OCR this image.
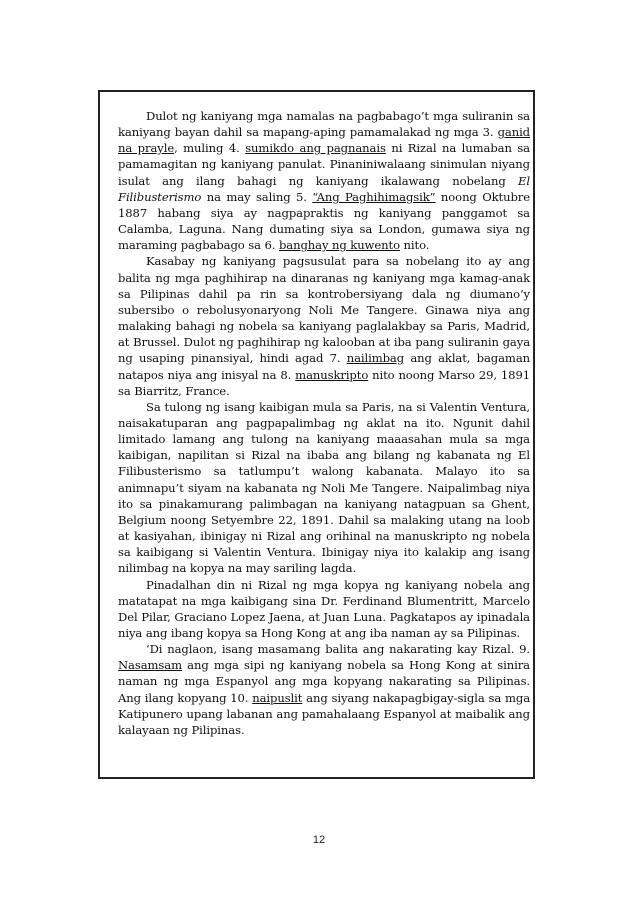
Dulot ng kaniyang mga namalas na pagbabago’t mga suliranin sa kaniyang bayan dahil sa mapang-aping pamamalakad ng mga 3. ganid na prayle, muling 4. sumikdo ang pagnanais ni Rizal na lumaban sa pamamagitan ng kaniyang panulat. Pinaniniwalaang sinimulan niyang isulat ang ilang bahagi ng kaniyang ikalawang nobelang El Filibusterismo na may saling 5. “Ang Paghihimagsik” noong Oktubre 1887 habang siya ay nagpapraktis ng kaniyang panggamot sa Calamba, Laguna. Nang dumating siya sa London, gumawa siya ng maraming pagbabago sa 6. banghay ng kuwento nito.

Kasabay ng kaniyang pagsusulat para sa nobelang ito ay ang balita ng mga paghihirap na dinaranas ng kaniyang mga kamag-anak sa Pilipinas dahil pa rin sa kontrobersiyang dala ng diumano’y subersibo o rebolusyonaryong Noli Me Tangere. Ginawa niya ang malaking bahagi ng nobela sa kaniyang paglalakbay sa Paris, Madrid, at Brussel. Dulot ng paghihirap ng kalooban at iba pang suliranin gaya ng usaping pinansiyal, hindi agad 7. nailimbag ang aklat, bagaman natapos niya ang inisyal na 8. manuskripto nito noong Marso 29, 1891 sa Biarritz, France.

Sa tulong ng isang kaibigan mula sa Paris, na si Valentin Ventura, naisakatuparan ang pagpapalimbag ng aklat na ito. Ngunit dahil limitado lamang ang tulong na kaniyang maaasahan mula sa mga kaibigan, napilitan si Rizal na ibaba ang bilang ng kabanata ng El Filibusterismo sa tatlumpu’t walong kabanata. Malayo ito sa animnapu’t siyam na kabanata ng Noli Me Tangere. Naipalimbag niya ito sa pinakamurang palimbagan na kaniyang natagpuan sa Ghent, Belgium noong Setyembre 22, 1891. Dahil sa malaking utang na loob at kasiyahan, ibinigay ni Rizal ang orihinal na manuskripto ng nobela sa kaibigang si Valentin Ventura. Ibinigay niya ito kalakip ang isang nilimbag na kopya na may sariling lagda.

Pinadalhan din ni Rizal ng mga kopya ng kaniyang nobela ang matatapat na mga kaibigang sina Dr. Ferdinand Blumentritt, Marcelo Del Pilar, Graciano Lopez Jaena, at Juan Luna. Pagkatapos ay ipinadala niya ang ibang kopya sa Hong Kong at ang iba naman ay sa Pilipinas.

‘Di naglaon, isang masamang balita ang nakarating kay Rizal. 9. Nasamsam ang mga sipi ng kaniyang nobela sa Hong Kong at sinira naman ng mga Espanyol ang mga kopyang nakarating sa Pilipinas. Ang ilang kopyang 10. naipuslit ang siyang nakapagbigay-sigla sa mga Katipunero upang labanan ang pamahalaang Espanyol at maibalik ang kalayaan ng Pilipinas.

12
